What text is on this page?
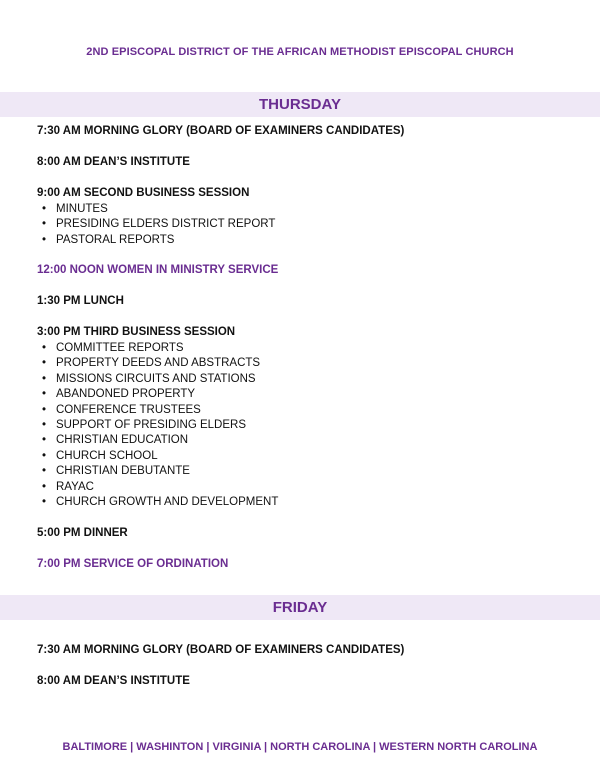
2ND EPISCOPAL DISTRICT OF THE AFRICAN METHODIST EPISCOPAL CHURCH
THURSDAY
7:30 AM MORNING GLORY (BOARD OF EXAMINERS CANDIDATES)
8:00 AM DEAN’S INSTITUTE
9:00 AM SECOND BUSINESS SESSION
• MINUTES
• PRESIDING ELDERS DISTRICT REPORT
• PASTORAL REPORTS
12:00 NOON WOMEN IN MINISTRY SERVICE
1:30 PM LUNCH
3:00 PM THIRD BUSINESS SESSION
• COMMITTEE REPORTS
• PROPERTY DEEDS AND ABSTRACTS
• MISSIONS CIRCUITS AND STATIONS
• ABANDONED PROPERTY
• CONFERENCE TRUSTEES
• SUPPORT OF PRESIDING ELDERS
• CHRISTIAN EDUCATION
• CHURCH SCHOOL
• CHRISTIAN DEBUTANTE
• RAYAC
• CHURCH GROWTH AND DEVELOPMENT
5:00 PM DINNER
7:00 PM SERVICE OF ORDINATION
FRIDAY
7:30 AM MORNING GLORY (BOARD OF EXAMINERS CANDIDATES)
8:00 AM DEAN’S INSTITUTE
BALTIMORE | WASHINTON | VIRGINIA | NORTH CAROLINA | WESTERN NORTH CAROLINA
